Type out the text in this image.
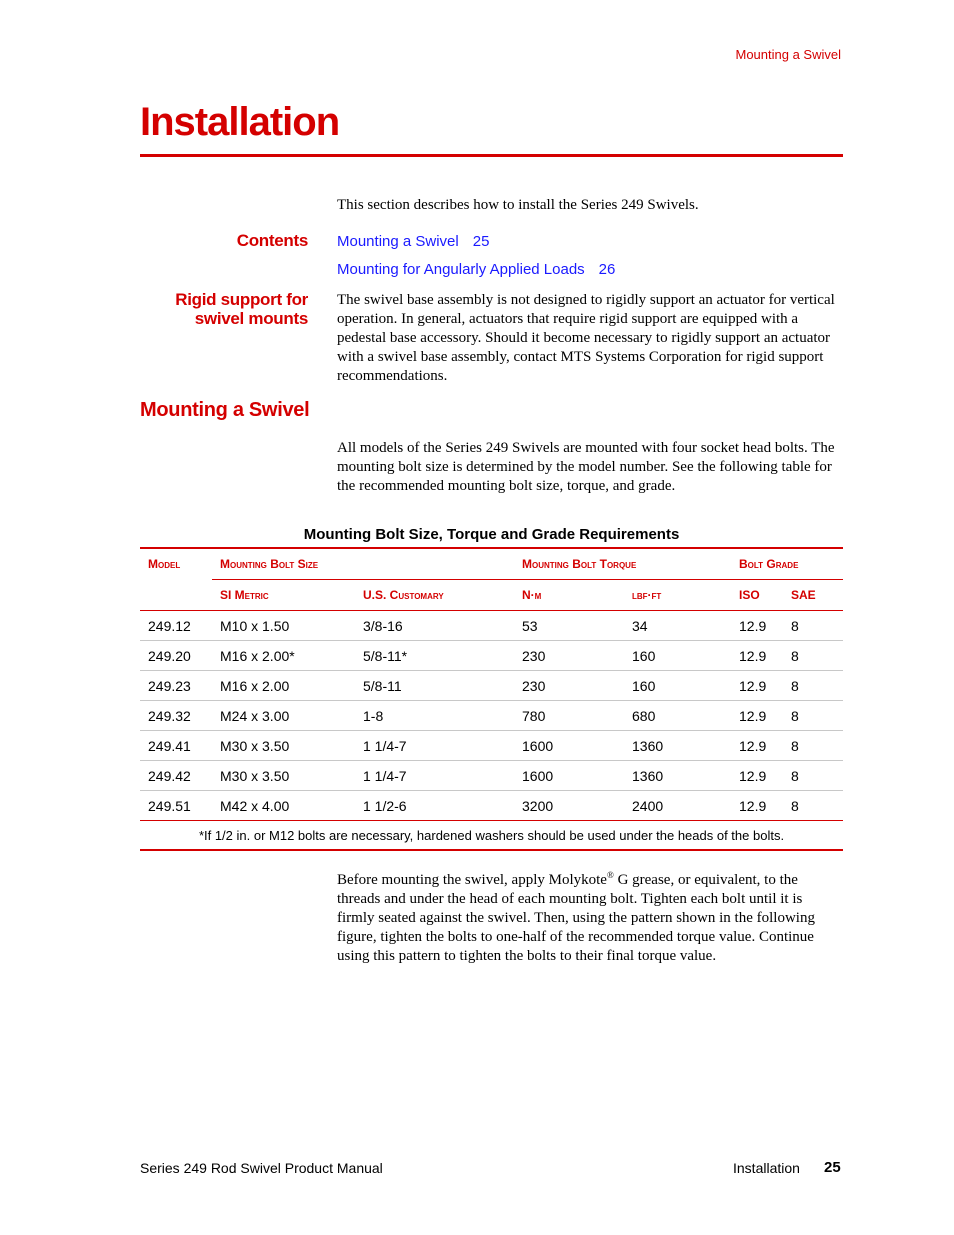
Mounting a Swivel
Installation

This section describes how to install the Series 249 Swivels.

Contents Mounting a Swivel 25
Mounting for Angularly Applied Loads 26
Rigid support for
swivel mounts

The swivel base assembly is not designed to rigidly support an actuator for vertical operation. In general, actuators that require rigid support are equipped with a pedestal base accessory. Should it become necessary to rigidly support an actuator with a swivel base assembly, contact MTS Systems Corporation for rigid support recommendations.

Mounting a Swivel

All models of the Series 249 Swivels are mounted with four socket head bolts. The mounting bolt size is determined by the model number. See the following table for the recommended mounting bolt size, torque, and grade.

Mounting Bolt Size, Torque and Grade Requirements
Model	Mounting Bolt Size		Mounting Bolt Torque		Bolt Grade	
	SI Metric	U.S. Customary	N·m	lbf·ft	ISO	SAE
249.12	M10 x 1.50	3/8-16	53	34	12.9	8
249.20	M16 x 2.00*	5/8-11*	230	160	12.9	8
249.23	M16 x 2.00	5/8-11	230	160	12.9	8
249.32	M24 x 3.00	1-8	780	680	12.9	8
249.41	M30 x 3.50	1 1/4-7	1600	1360	12.9	8
249.42	M30 x 3.50	1 1/4-7	1600	1360	12.9	8
249.51	M42 x 4.00	1 1/2-6	3200	2400	12.9	8
*If 1/2 in. or M12 bolts are necessary, hardened washers should be used under the heads of the bolts.						

Before mounting the swivel, apply Molykote® G grease, or equivalent, to the threads and under the head of each mounting bolt. Tighten each bolt until it is firmly seated against the swivel. Then, using the pattern shown in the following figure, tighten the bolts to one-half of the recommended torque value. Continue using this pattern to tighten the bolts to their final torque value.

Series 249 Rod Swivel Product Manual	Installation 25
